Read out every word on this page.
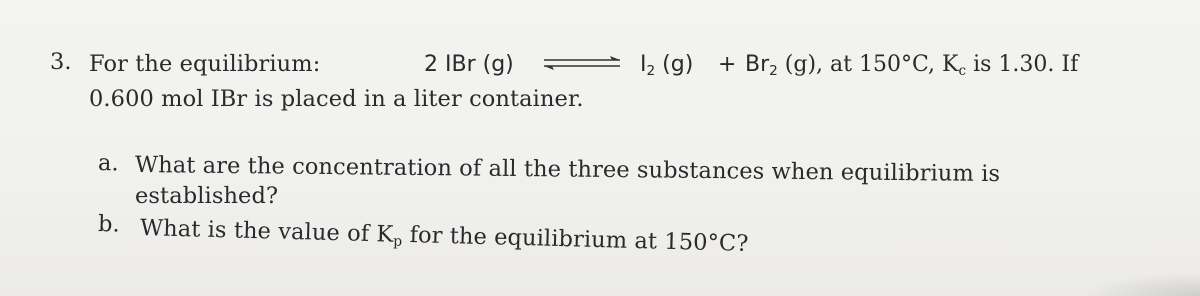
3. For the equilibrium:	2 IBr (g)	$I_2$ $(g) + Br_2$ (g), at 150°C, $K_c$ is 1.30. If
0.600 mol IBr is placed in a liter container.
a. What are the concentration of all the three substances when equilibrium is
established?
b. What is the value of $K_p$ for the equilibrium at 150°C?
